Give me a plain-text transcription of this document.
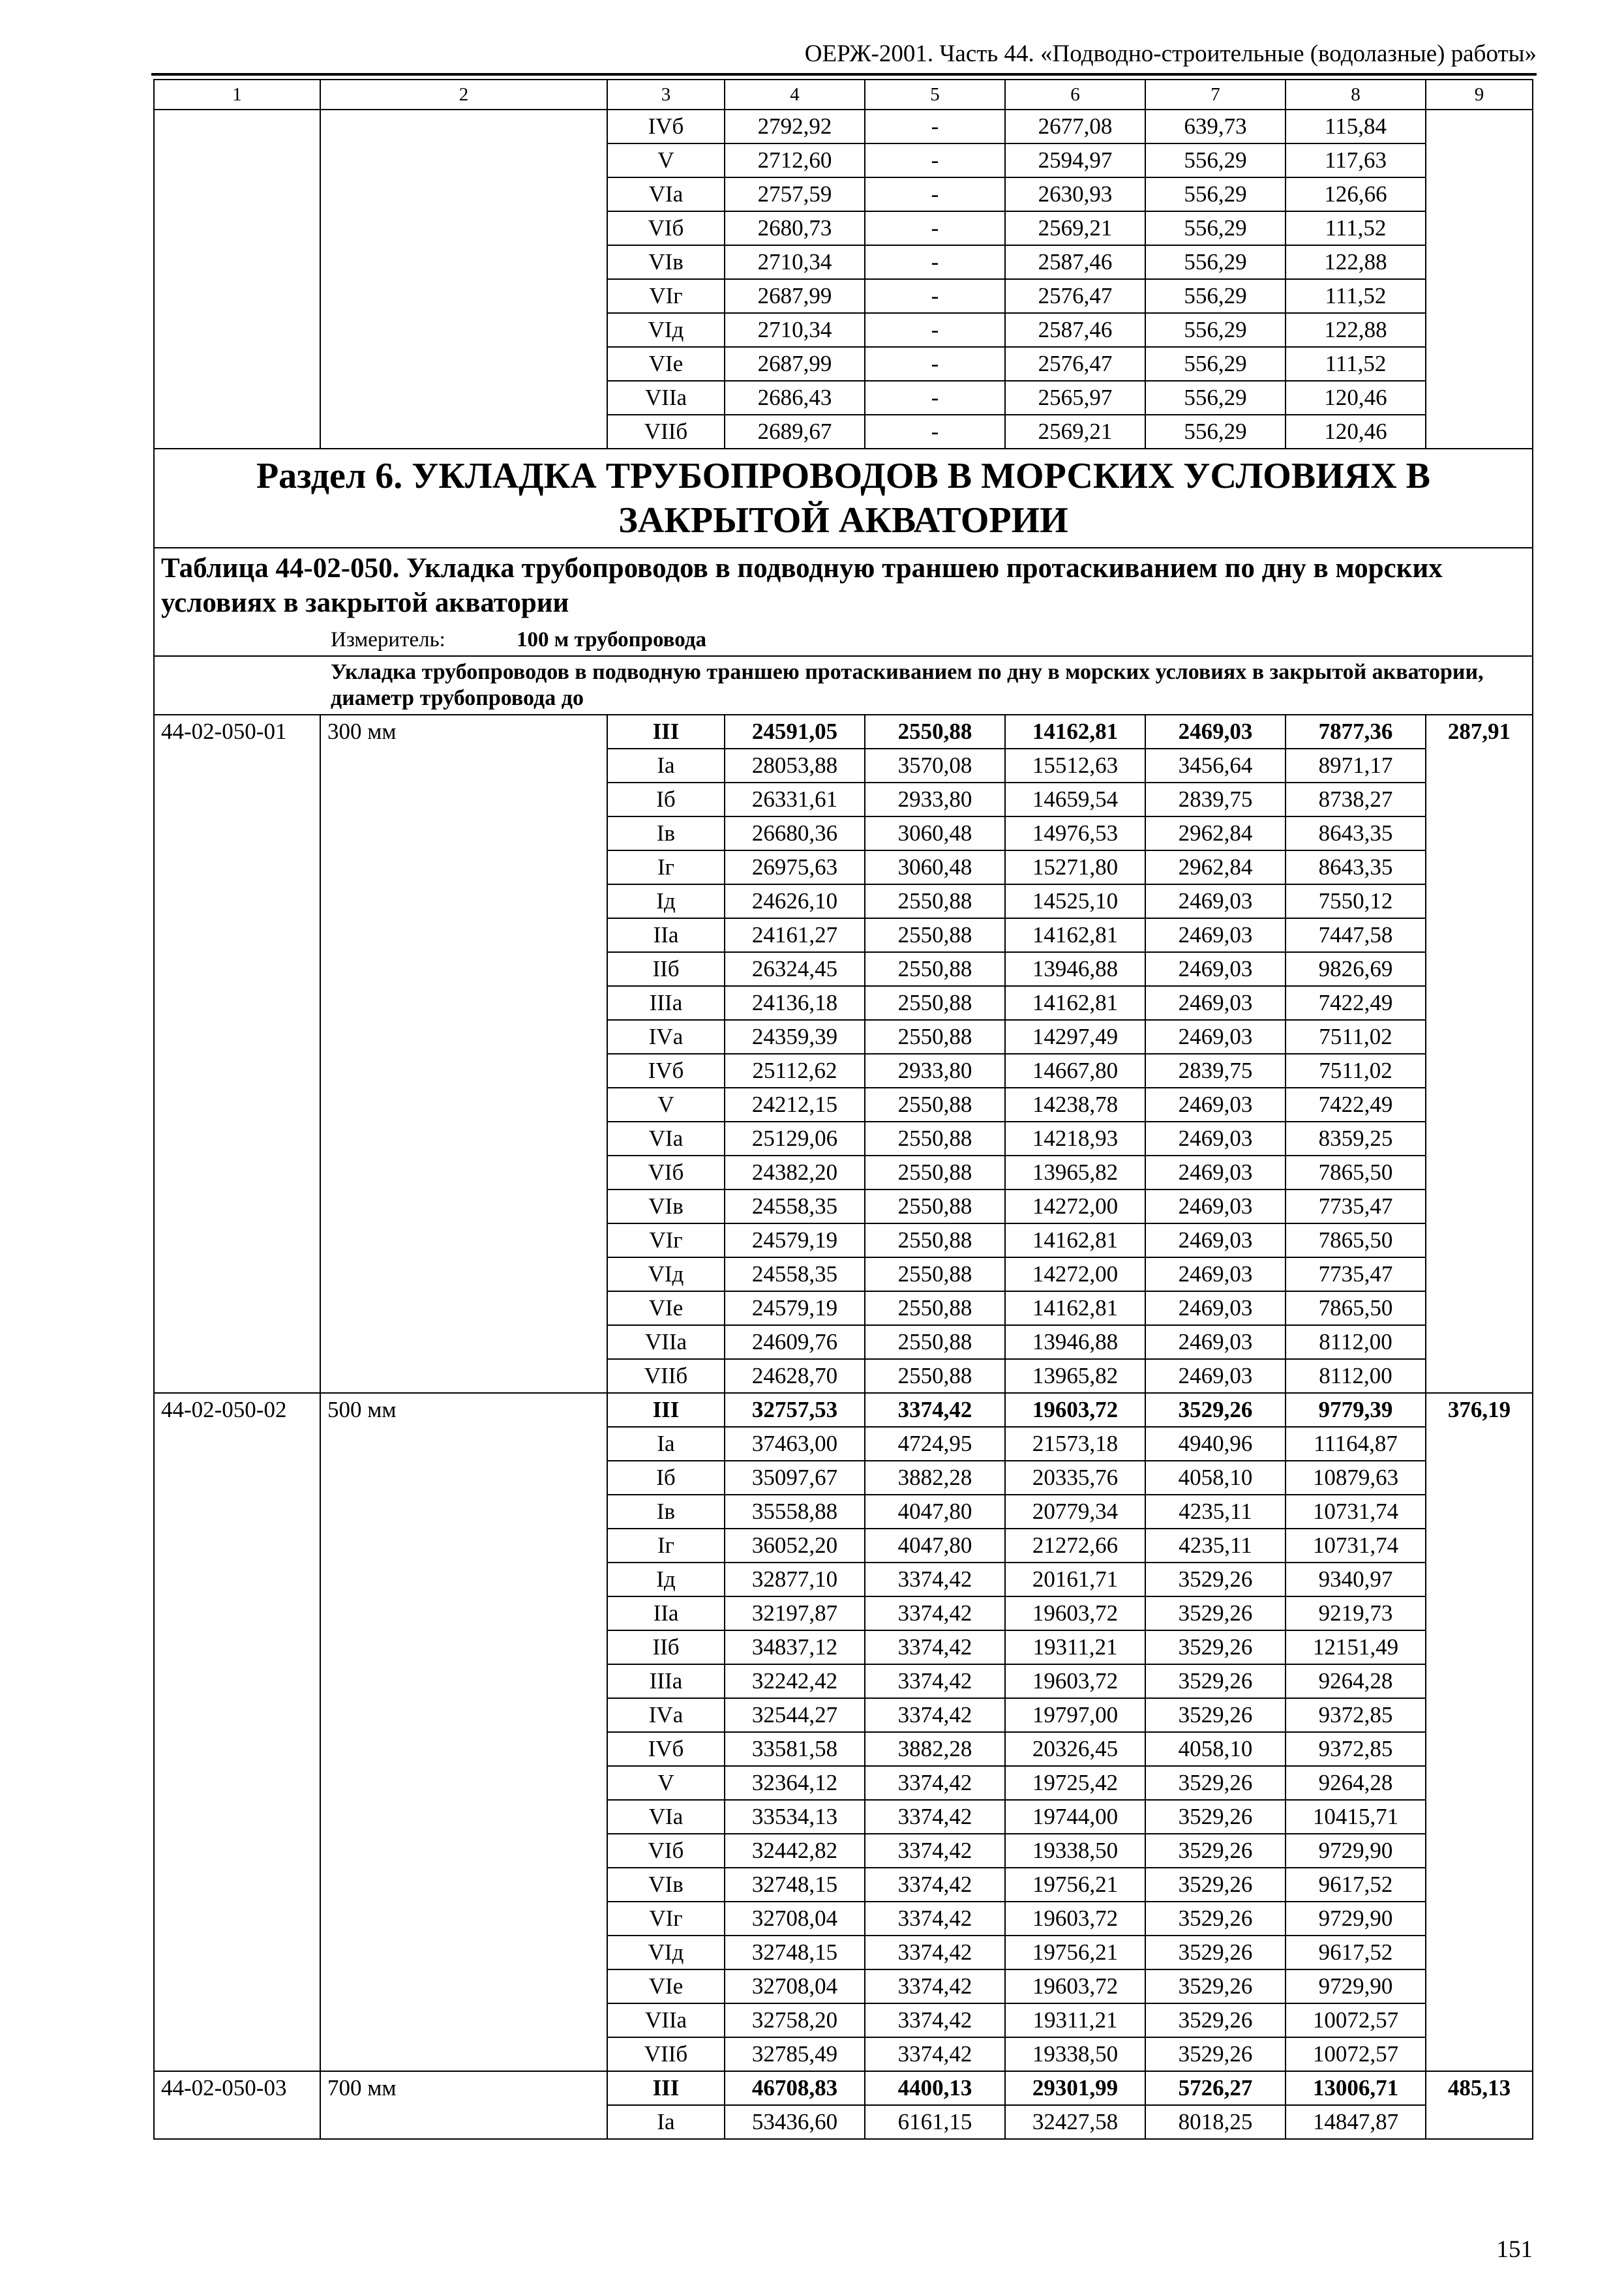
ОЕРЖ-2001. Часть 44. «Подводно-строительные (водолазные) работы»
1	2	3	4	5	6	7	8	9
		IVб	2792,92	-	2677,08	639,73	115,84	
		V	2712,60	-	2594,97	556,29	117,63	
		VIа	2757,59	-	2630,93	556,29	126,66	
		VIб	2680,73	-	2569,21	556,29	111,52	
		VIв	2710,34	-	2587,46	556,29	122,88	
		VIг	2687,99	-	2576,47	556,29	111,52	
		VIд	2710,34	-	2587,46	556,29	122,88	
		VIе	2687,99	-	2576,47	556,29	111,52	
		VIIа	2686,43	-	2565,97	556,29	120,46	
		VIIб	2689,67	-	2569,21	556,29	120,46	
Раздел 6. УКЛАДКА ТРУБОПРОВОДОВ В МОРСКИХ УСЛОВИЯХ В ЗАКРЫТОЙ АКВАТОРИИ								
Таблица 44-02-050. Укладка трубопроводов в подводную траншею протаскиванием по дну в морских условиях в закрытой акватории								
Измеритель: 100 м трубопровода								
Укладка трубопроводов в подводную траншею протаскиванием по дну в морских условиях в закрытой акватории, диаметр трубопровода до								
44-02-050-01	300 мм	III	24591,05	2550,88	14162,81	2469,03	7877,36	287,91
		Iа	28053,88	3570,08	15512,63	3456,64	8971,17	
		Iб	26331,61	2933,80	14659,54	2839,75	8738,27	
		Iв	26680,36	3060,48	14976,53	2962,84	8643,35	
		Iг	26975,63	3060,48	15271,80	2962,84	8643,35	
		Iд	24626,10	2550,88	14525,10	2469,03	7550,12	
		IIа	24161,27	2550,88	14162,81	2469,03	7447,58	
		IIб	26324,45	2550,88	13946,88	2469,03	9826,69	
		IIIа	24136,18	2550,88	14162,81	2469,03	7422,49	
		IVа	24359,39	2550,88	14297,49	2469,03	7511,02	
		IVб	25112,62	2933,80	14667,80	2839,75	7511,02	
		V	24212,15	2550,88	14238,78	2469,03	7422,49	
		VIа	25129,06	2550,88	14218,93	2469,03	8359,25	
		VIб	24382,20	2550,88	13965,82	2469,03	7865,50	
		VIв	24558,35	2550,88	14272,00	2469,03	7735,47	
		VIг	24579,19	2550,88	14162,81	2469,03	7865,50	
		VIд	24558,35	2550,88	14272,00	2469,03	7735,47	
		VIе	24579,19	2550,88	14162,81	2469,03	7865,50	
		VIIа	24609,76	2550,88	13946,88	2469,03	8112,00	
		VIIб	24628,70	2550,88	13965,82	2469,03	8112,00	
44-02-050-02	500 мм	III	32757,53	3374,42	19603,72	3529,26	9779,39	376,19
		Iа	37463,00	4724,95	21573,18	4940,96	11164,87	
		Iб	35097,67	3882,28	20335,76	4058,10	10879,63	
		Iв	35558,88	4047,80	20779,34	4235,11	10731,74	
		Iг	36052,20	4047,80	21272,66	4235,11	10731,74	
		Iд	32877,10	3374,42	20161,71	3529,26	9340,97	
		IIа	32197,87	3374,42	19603,72	3529,26	9219,73	
		IIб	34837,12	3374,42	19311,21	3529,26	12151,49	
		IIIа	32242,42	3374,42	19603,72	3529,26	9264,28	
		IVа	32544,27	3374,42	19797,00	3529,26	9372,85	
		IVб	33581,58	3882,28	20326,45	4058,10	9372,85	
		V	32364,12	3374,42	19725,42	3529,26	9264,28	
		VIа	33534,13	3374,42	19744,00	3529,26	10415,71	
		VIб	32442,82	3374,42	19338,50	3529,26	9729,90	
		VIв	32748,15	3374,42	19756,21	3529,26	9617,52	
		VIг	32708,04	3374,42	19603,72	3529,26	9729,90	
		VIд	32748,15	3374,42	19756,21	3529,26	9617,52	
		VIе	32708,04	3374,42	19603,72	3529,26	9729,90	
		VIIа	32758,20	3374,42	19311,21	3529,26	10072,57	
		VIIб	32785,49	3374,42	19338,50	3529,26	10072,57	
44-02-050-03	700 мм	III	46708,83	4400,13	29301,99	5726,27	13006,71	485,13
		Iа	53436,60	6161,15	32427,58	8018,25	14847,87	
151
